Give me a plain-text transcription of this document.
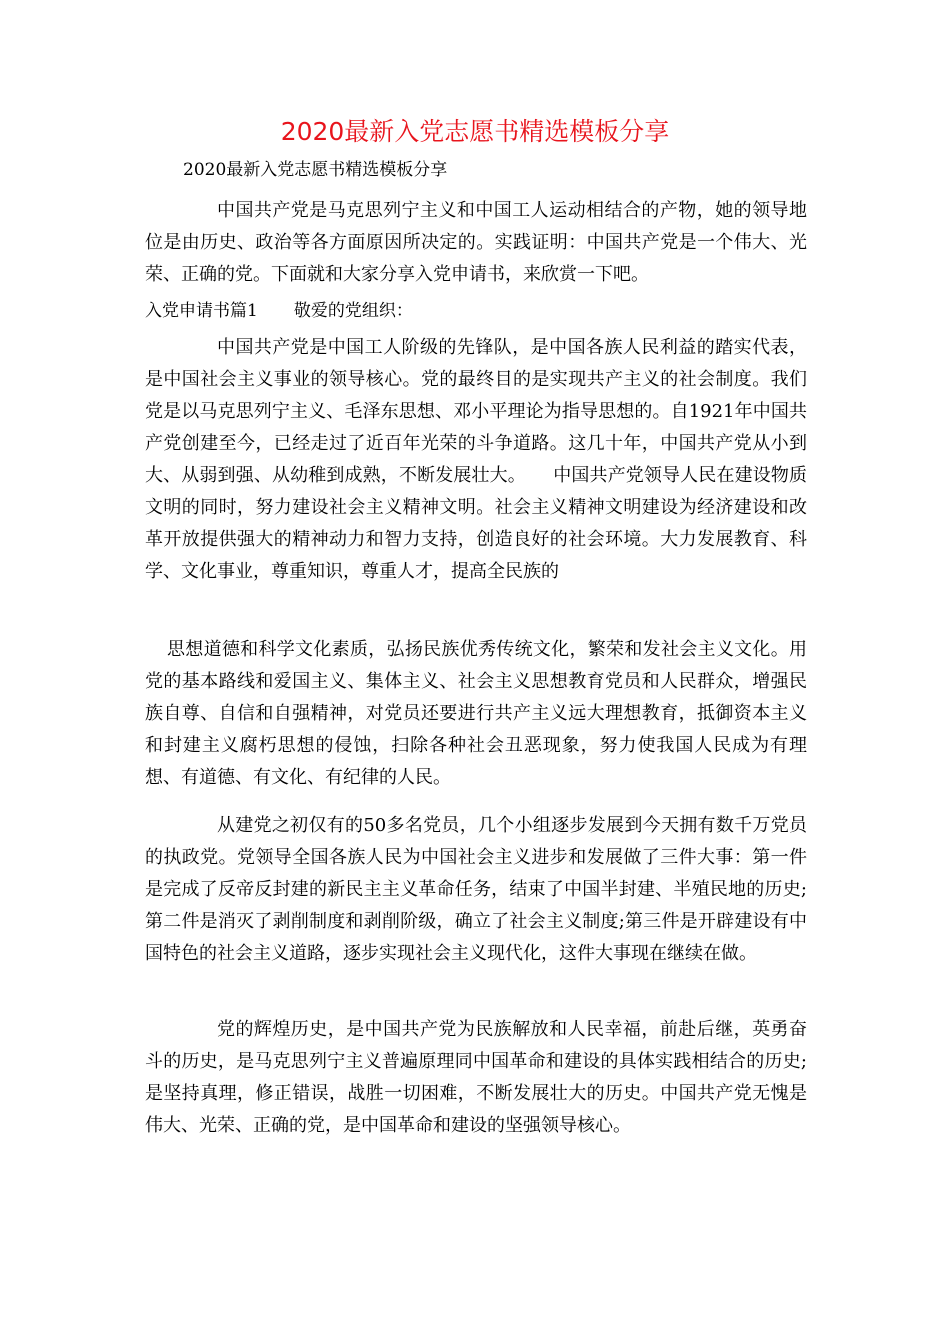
2020最新入党志愿书精选模板分享
2020最新入党志愿书精选模板分享

中国共产党是马克思列宁主义和中国工人运动相结合的产物，她的领导地位是由历史、政治等各方面原因所决定的。实践证明：中国共产党是一个伟大、光荣、正确的党。下面就和大家分享入党申请书，来欣赏一下吧。

入党申请书篇1 敬爱的党组织：

中国共产党是中国工人阶级的先锋队，是中国各族人民利益的踏实代表，是中国社会主义事业的领导核心。党的最终目的是实现共产主义的社会制度。我们党是以马克思列宁主义、毛泽东思想、邓小平理论为指导思想的。自1921年中国共产党创建至今，已经走过了近百年光荣的斗争道路。这几十年，中国共产党从小到大、从弱到强、从幼稚到成熟，不断发展壮大。　　中国共产党领导人民在建设物质文明的同时，努力建设社会主义精神文明。社会主义精神文明建设为经济建设和改革开放提供强大的精神动力和智力支持，创造良好的社会环境。大力发展教育、科学、文化事业，尊重知识，尊重人才，提高全民族的

思想道德和科学文化素质，弘扬民族优秀传统文化，繁荣和发社会主义文化。用党的基本路线和爱国主义、集体主义、社会主义思想教育党员和人民群众，增强民族自尊、自信和自强精神，对党员还要进行共产主义远大理想教育，抵御资本主义和封建主义腐朽思想的侵蚀，扫除各种社会丑恶现象，努力使我国人民成为有理想、有道德、有文化、有纪律的人民。

从建党之初仅有的50多名党员，几个小组逐步发展到今天拥有数千万党员的执政党。党领导全国各族人民为中国社会主义进步和发展做了三件大事：第一件是完成了反帝反封建的新民主主义革命任务，结束了中国半封建、半殖民地的历史;第二件是消灭了剥削制度和剥削阶级，确立了社会主义制度;第三件是开辟建设有中国特色的社会主义道路，逐步实现社会主义现代化，这件大事现在继续在做。

党的辉煌历史，是中国共产党为民族解放和人民幸福，前赴后继，英勇奋斗的历史，是马克思列宁主义普遍原理同中国革命和建设的具体实践相结合的历史;是坚持真理，修正错误，战胜一切困难，不断发展壮大的历史。中国共产党无愧是伟大、光荣、正确的党，是中国革命和建设的坚强领导核心。
